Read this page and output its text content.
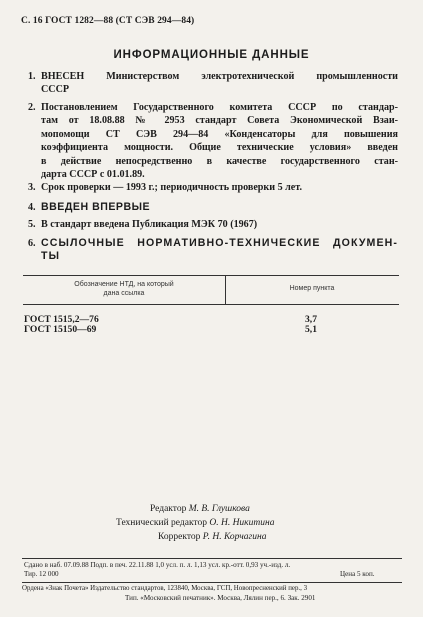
С. 16 ГОСТ 1282—88 (СТ СЭВ 294—84)
ИНФОРМАЦИОННЫЕ ДАННЫЕ
1. ВНЕСЕН Министерством электротехнической промышленности
СССР
2. Постановлением Государственного комитета СССР по стандар-
там от 18.08.88 № 2953 стандарт Совета Экономической Взаи-
мопомощи СТ СЭВ 294—84 «Конденсаторы для повышения
коэффициента мощности. Общие технические условия» введен
в действие непосредственно в качестве государственного стан-
дарта СССР с 01.01.89.
3. Срок проверки — 1993 г.; периодичность проверки 5 лет.
4. ВВЕДЕН ВПЕРВЫЕ
5. В стандарт введена Публикация МЭК 70 (1967)
6. ССЫЛОЧНЫЕ НОРМАТИВНО-ТЕХНИЧЕСКИЕ ДОКУМЕН-
ТЫ
Обозначение НТД, на который
дана ссылка
Номер пункта
ГОСТ 1515,2—76	3,7
ГОСТ 15150—69	5,1
Редактор М. В. Глушкова
Технический редактор О. Н. Никитина
Корректор Р. Н. Корчагина
Сдано в наб. 07.09.88 Подп. в печ. 22.11.88 1,0 усл. п. л. 1,13 усл. кр.-отт. 0,93 уч.-изд. л.
Тир. 12 000	Цена 5 коп.
Ордена «Знак Почета» Издательство стандартов, 123840, Москва, ГСП, Новопресненский пер., 3
Тип. «Московский печатник». Москва, Лялин пер., 6. Зак. 2901
